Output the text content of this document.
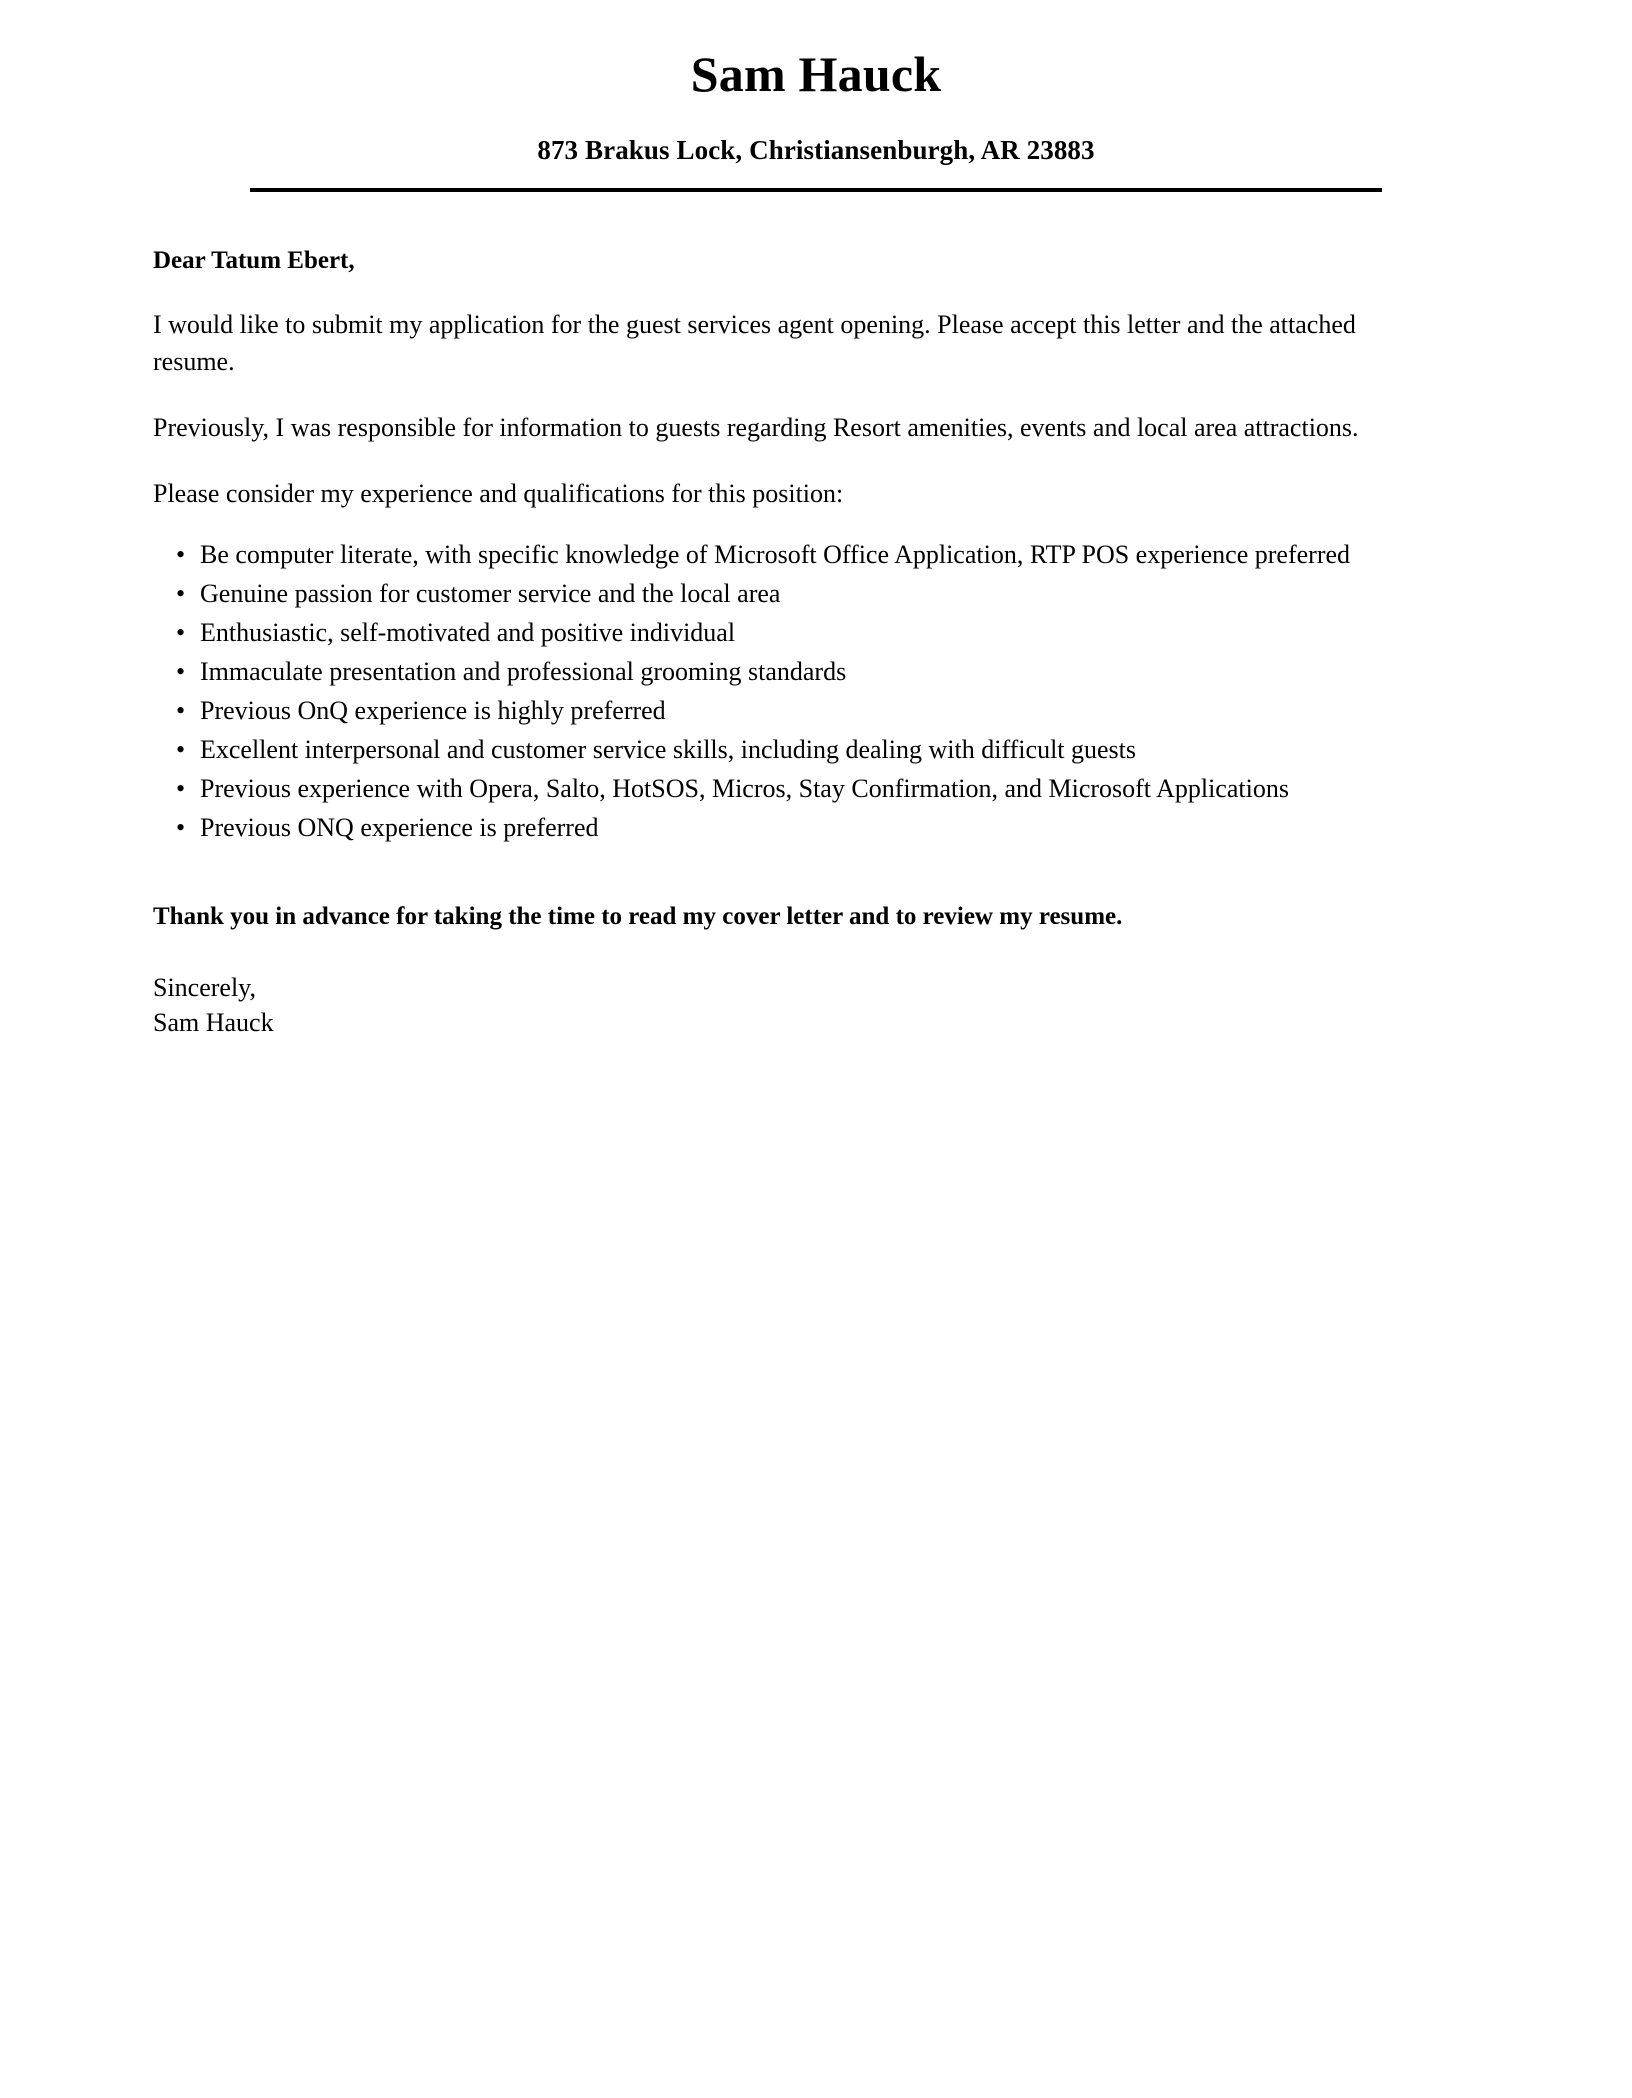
Sam Hauck
873 Brakus Lock, Christiansenburgh, AR 23883

Dear Tatum Ebert,

I would like to submit my application for the guest services agent opening. Please accept this letter and the attached resume.

Previously, I was responsible for information to guests regarding Resort amenities, events and local area attractions.

Please consider my experience and qualifications for this position:

• Be computer literate, with specific knowledge of Microsoft Office Application, RTP POS experience preferred
• Genuine passion for customer service and the local area
• Enthusiastic, self-motivated and positive individual
• Immaculate presentation and professional grooming standards
• Previous OnQ experience is highly preferred
• Excellent interpersonal and customer service skills, including dealing with difficult guests
• Previous experience with Opera, Salto, HotSOS, Micros, Stay Confirmation, and Microsoft Applications
• Previous ONQ experience is preferred

Thank you in advance for taking the time to read my cover letter and to review my resume.

Sincerely,

Sam Hauck
